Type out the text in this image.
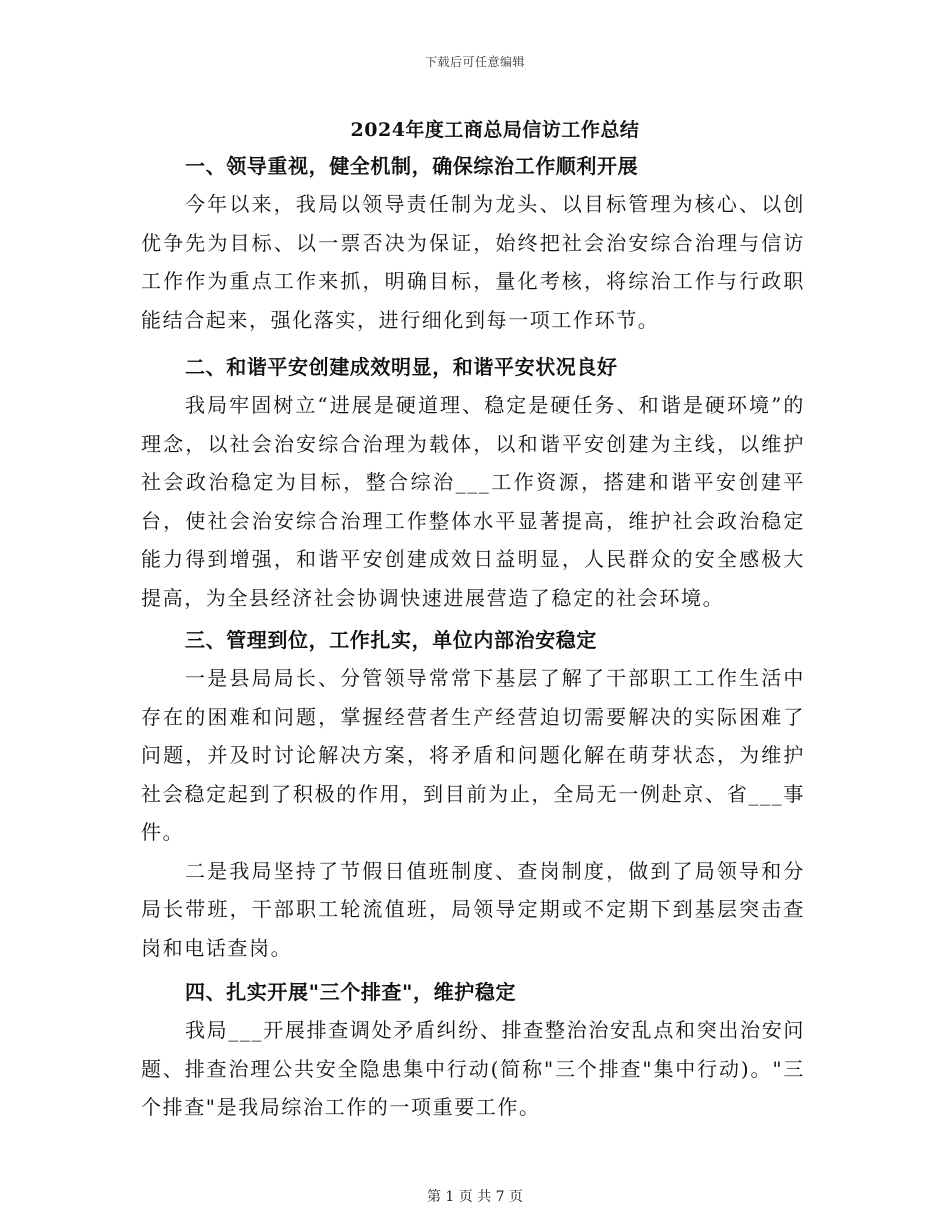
下载后可任意编辑
2024年度工商总局信访工作总结
一、领导重视，健全机制，确保综治工作顺利开展

今年以来，我局以领导责任制为龙头、以目标管理为核心、以创优争先为目标、以一票否决为保证，始终把社会治安综合治理与信访工作作为重点工作来抓，明确目标，量化考核，将综治工作与行政职能结合起来，强化落实，进行细化到每一项工作环节。

二、和谐平安创建成效明显，和谐平安状况良好

我局牢固树立“进展是硬道理、稳定是硬任务、和谐是硬环境”的理念，以社会治安综合治理为载体，以和谐平安创建为主线，以维护社会政治稳定为目标，整合综治___工作资源，搭建和谐平安创建平台，使社会治安综合治理工作整体水平显著提高，维护社会政治稳定能力得到增强，和谐平安创建成效日益明显，人民群众的安全感极大提高，为全县经济社会协调快速进展营造了稳定的社会环境。

三、管理到位，工作扎实，单位内部治安稳定

一是县局局长、分管领导常常下基层了解了干部职工工作生活中存在的困难和问题，掌握经营者生产经营迫切需要解决的实际困难了问题，并及时讨论解决方案，将矛盾和问题化解在萌芽状态，为维护社会稳定起到了积极的作用，到目前为止，全局无一例赴京、省___事件。

二是我局坚持了节假日值班制度、查岗制度，做到了局领导和分局长带班，干部职工轮流值班，局领导定期或不定期下到基层突击查岗和电话查岗。

四、扎实开展"三个排查"，维护稳定

我局___开展排查调处矛盾纠纷、排查整治治安乱点和突出治安问题、排查治理公共安全隐患集中行动(简称"三个排查"集中行动)。"三个排查"是我局综治工作的一项重要工作。

第 1 页 共 7 页
